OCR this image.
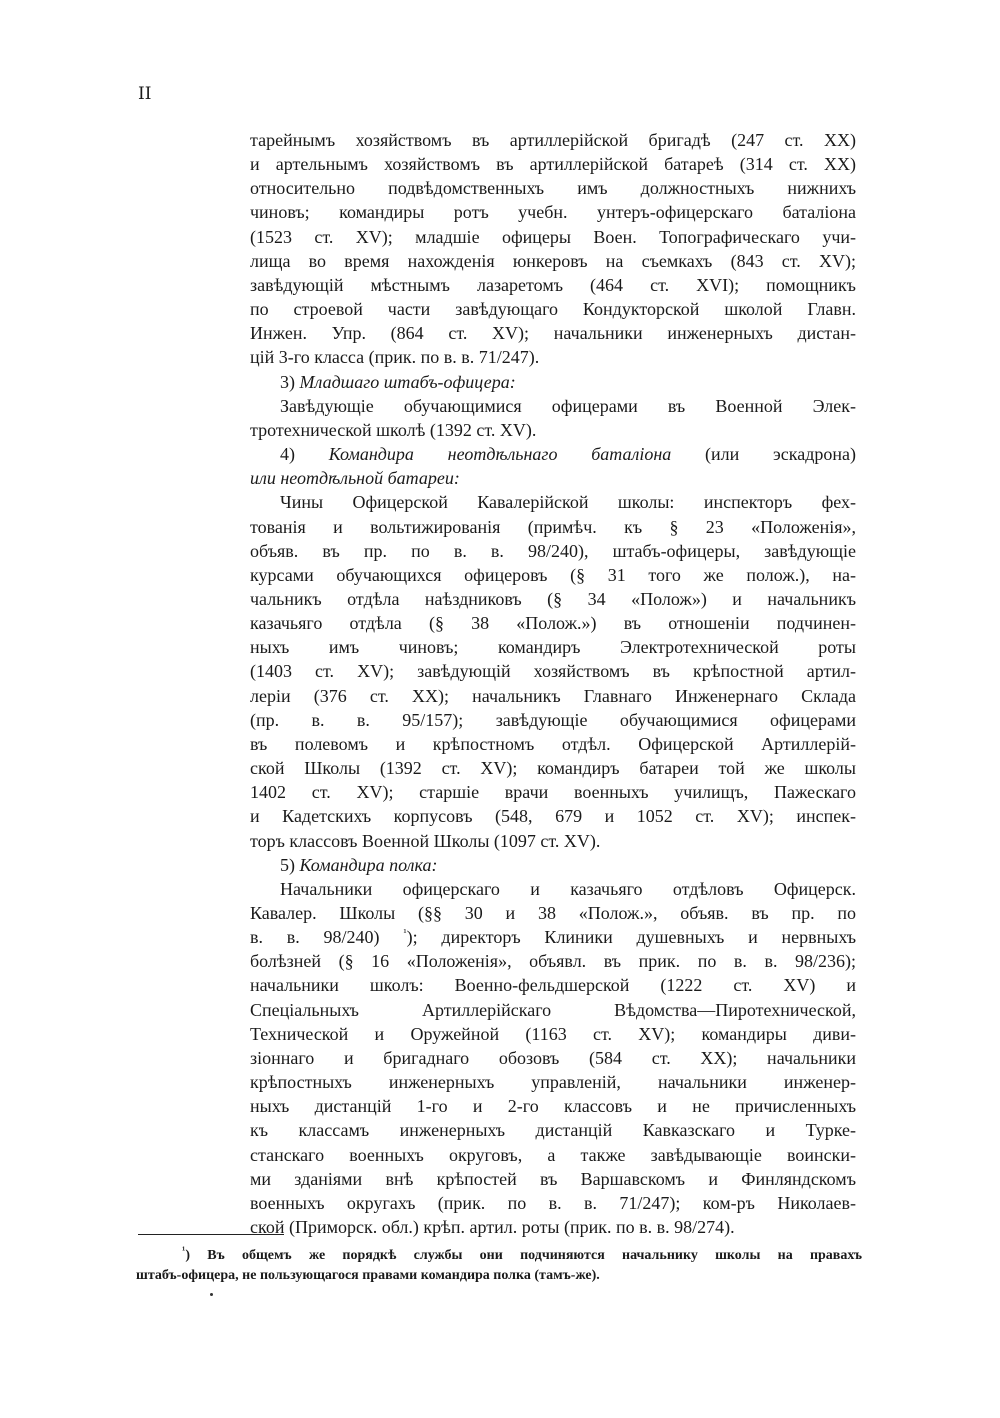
II
тарейнымъ хозяйствомъ въ артиллерійской бригадѣ (247 ст. XX)
и артельнымъ хозяйствомъ въ артиллерійской батареѣ (314 ст. XX)
относительно подвѣдомственныхъ имъ должностныхъ нижнихъ
чиновъ; командиры ротъ учебн. унтеръ-офицерскаго баталіона
(1523 ст. XV); младшіе офицеры Воен. Топографическаго учи-
лища во время нахожденія юнкеровъ на съемкахъ (843 ст. XV);
завѣдующій мѣстнымъ лазаретомъ (464 ст. XVI); помощникъ
по строевой части завѣдующаго Кондукторской школой Главн.
Инжен. Упр. (864 ст. XV); начальники инженерныхъ дистан-
цій 3-го класса (прик. по в. в. 71/247).
3) Младшаго штабъ-офицера:
Завѣдующіе обучающимися офицерами въ Военной Элек-
тротехнической школѣ (1392 ст. XV).
4) Командира неотдѣльнаго баталіона (или эскадрона)
или неотдѣльной батареи:
Чины Офицерской Кавалерійской школы: инспекторъ фех-
тованія и вольтижированія (примѣч. къ § 23 «Положенія»,
объяв. въ пр. по в. в. 98/240), штабъ-офицеры, завѣдующіе
курсами обучающихся офицеровъ (§ 31 того же полож.), на-
чальникъ отдѣла наѣздниковъ (§ 34 «Полож») и начальникъ
казачьяго отдѣла (§ 38 «Полож.») въ отношеніи подчинен-
ныхъ имъ чиновъ; командиръ Электротехнической роты
(1403 ст. XV); завѣдующій хозяйствомъ въ крѣпостной артил-
леріи (376 ст. XX); начальникъ Главнаго Инженернаго Склада
(пр. в. в. 95/157); завѣдующіе обучающимися офицерами
въ полевомъ и крѣпостномъ отдѣл. Офицерской Артиллерій-
ской Школы (1392 ст. XV); командиръ батареи той же школы
1402 ст. XV); старшіе врачи военныхъ училищъ, Пажескаго
и Кадетскихъ корпусовъ (548, 679 и 1052 ст. XV); инспек-
торъ классовъ Военной Школы (1097 ст. XV).
5) Командира полка:
Начальники офицерскаго и казачьяго отдѣловъ Офицерск.
Кавалер. Школы (§§ 30 и 38 «Полож.», объяв. въ пр. по
в. в. 98/240) $^{^1}$); директоръ Клиники душевныхъ и нервныхъ
болѣзней (§ 16 «Положенія», объявл. въ прик. по в. в. 98/236);
начальники школъ: Военно-фельдшерской (1222 ст. XV) и
Спеціальныхъ Артиллерійскаго Вѣдомства—Пиротехнической,
Технической и Оружейной (1163 ст. XV); командиры диви-
зіоннаго и бригаднаго обозовъ (584 ст. XX); начальники
крѣпостныхъ инженерныхъ управленій, начальники инженер-
ныхъ дистанцій 1-го и 2-го классовъ и не причисленныхъ
къ классамъ инженерныхъ дистанцій Кавказскаго и Турке-
станскаго военныхъ округовъ, а также завѣдывающіе воински-
ми зданіями внѣ крѣпостей въ Варшавскомъ и Финляндскомъ
военныхъ округахъ (прик. по в. в. 71/247); ком-ръ Николаев-
ской (Приморск. обл.) крѣп. артил. роты (прик. по в. в. 98/274).
$^{^1}$) Въ общемъ же порядкѣ службы они подчиняются начальнику школы на правахъ
штабъ-офицера, не пользующагося правами командира полка (тамъ-же).
